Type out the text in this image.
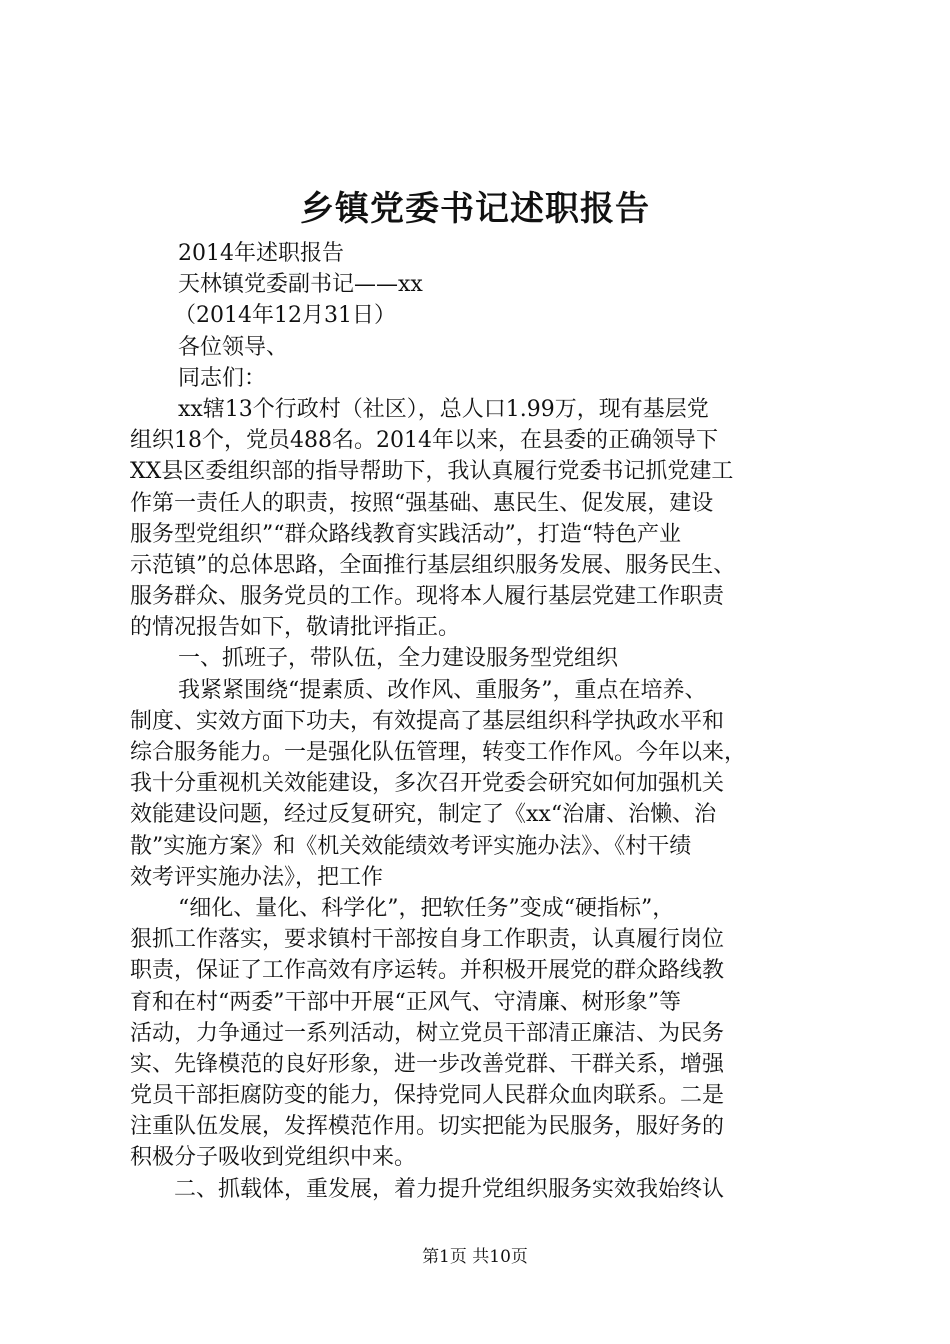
乡镇党委书记述职报告
2014年述职报告
天林镇党委副书记——xx
（2014年12月31日）
各位领导、
同志们：
xx辖13个行政村（社区），总人口1.99万，现有基层党
组织18个，党员488名。2014年以来，在县委的正确领导下
XX县区委组织部的指导帮助下，我认真履行党委书记抓党建工
作第一责任人的职责，按照“强基础、惠民生、促发展，建设
服务型党组织”“群众路线教育实践活动”，打造“特色产业
示范镇”的总体思路，全面推行基层组织服务发展、服务民生、
服务群众、服务党员的工作。现将本人履行基层党建工作职责
的情况报告如下，敬请批评指正。
一、抓班子，带队伍，全力建设服务型党组织
我紧紧围绕“提素质、改作风、重服务”，重点在培养、
制度、实效方面下功夫，有效提高了基层组织科学执政水平和
综合服务能力。一是强化队伍管理，转变工作作风。今年以来，
我十分重视机关效能建设，多次召开党委会研究如何加强机关
效能建设问题，经过反复研究，制定了《xx“治庸、治懒、治
散”实施方案》和《机关效能绩效考评实施办法》、《村干绩
效考评实施办法》，把工作
“细化、量化、科学化”，把软任务”变成“硬指标”，
狠抓工作落实，要求镇村干部按自身工作职责，认真履行岗位
职责，保证了工作高效有序运转。并积极开展党的群众路线教
育和在村“两委”干部中开展“正风气、守清廉、树形象”等
活动，力争通过一系列活动，树立党员干部清正廉洁、为民务
实、先锋模范的良好形象，进一步改善党群、干群关系，增强
党员干部拒腐防变的能力，保持党同人民群众血肉联系。二是
注重队伍发展，发挥模范作用。切实把能为民服务，服好务的
积极分子吸收到党组织中来。
二、抓载体，重发展，着力提升党组织服务实效我始终认
第1页 共10页
